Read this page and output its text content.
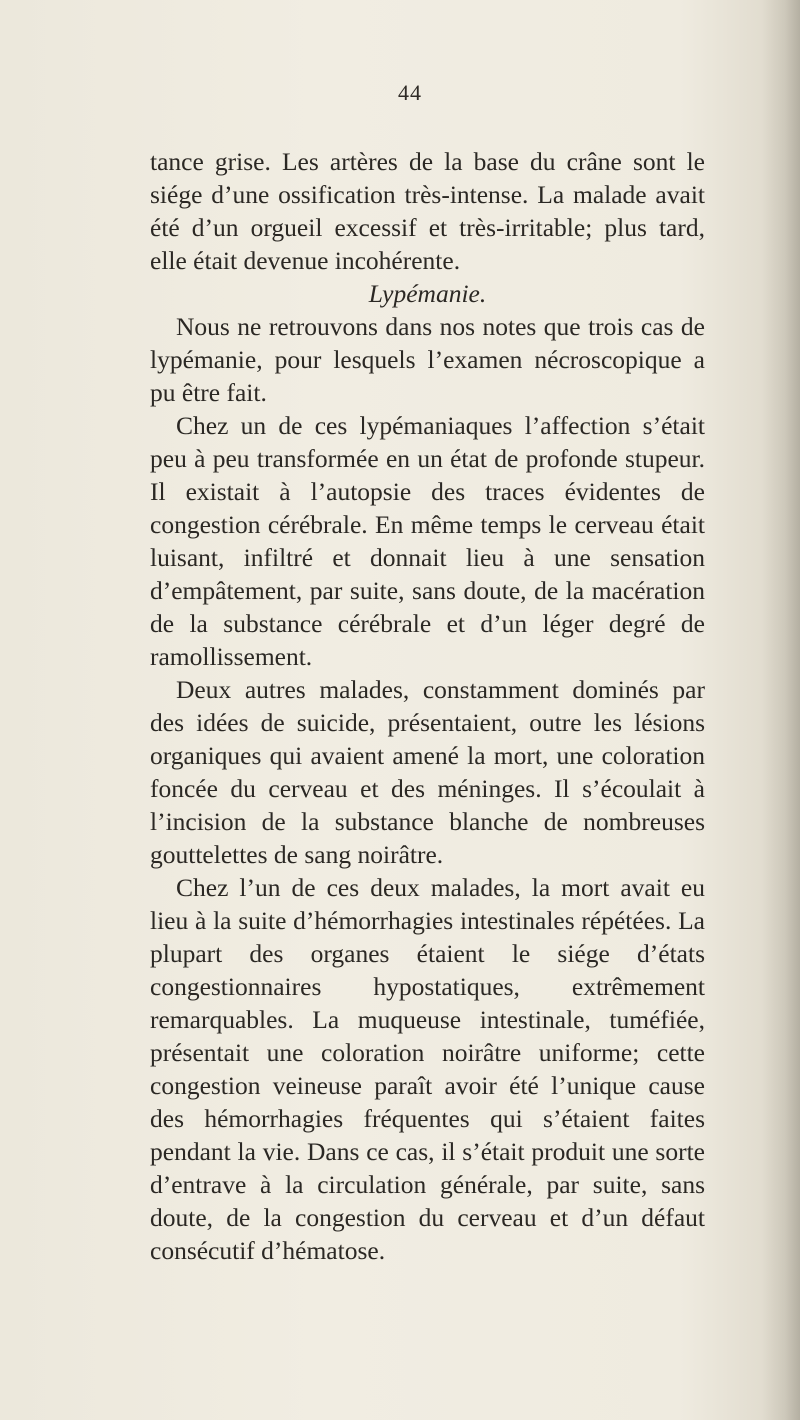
44

tance grise. Les artères de la base du crâne sont le siége d’une ossification très-intense. La malade avait été d’un orgueil excessif et très-irritable; plus tard, elle était devenue incohérente.

Lypémanie.

Nous ne retrouvons dans nos notes que trois cas de lypémanie, pour lesquels l’examen nécroscopique a pu être fait.

Chez un de ces lypémaniaques l’affection s’était peu à peu transformée en un état de profonde stupeur. Il existait à l’autopsie des traces évidentes de congestion cérébrale. En même temps le cerveau était luisant, infiltré et donnait lieu à une sensation d’empâtement, par suite, sans doute, de la macération de la substance cérébrale et d’un léger degré de ramollissement.

Deux autres malades, constamment dominés par des idées de suicide, présentaient, outre les lésions organiques qui avaient amené la mort, une coloration foncée du cerveau et des méninges. Il s’écoulait à l’incision de la substance blanche de nombreuses gouttelettes de sang noirâtre.

Chez l’un de ces deux malades, la mort avait eu lieu à la suite d’hémorrhagies intestinales répétées. La plupart des organes étaient le siége d’états congestionnaires hypostatiques, extrêmement remarquables. La muqueuse intestinale, tuméfiée, présentait une coloration noirâtre uniforme; cette congestion veineuse paraît avoir été l’unique cause des hémorrhagies fréquentes qui s’étaient faites pendant la vie. Dans ce cas, il s’était produit une sorte d’entrave à la circulation générale, par suite, sans doute, de la congestion du cerveau et d’un défaut consécutif d’hématose.
